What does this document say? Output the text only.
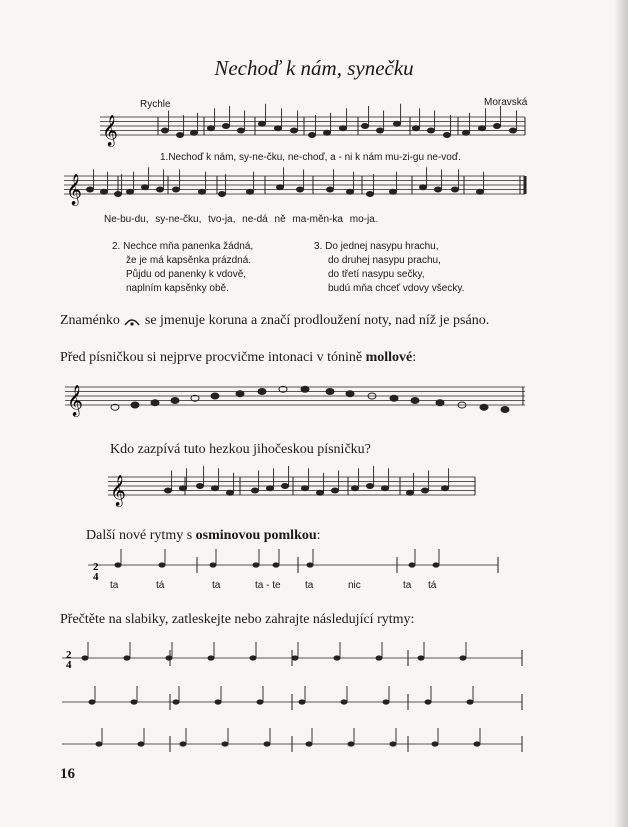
Nechoď k nám, synečku
Rychle	Moravská
1.Nechoď k nám, sy-ne-čku, ne-choď, a - ni k nám mu-zi-gu ne-voď.
Ne-bu-du, sy-ne-čku, tvo-ja, ne-dá ně ma-měn-ka mo-ja.
2. Nechce mňa panenka žádná,
že je má kapsěnka prázdná.
Půjdu od panenky k vdově,
naplním kapsěnky obě.
3. Do jednej nasypu hrachu,
do druhej nasypu prachu,
do třetí nasypu sečky,
budú mňa chceť vdovy všecky.
Znaménko se jmenuje koruna a značí prodloužení noty, nad níž je psáno.
Před písničkou si nejprve procvičme intonaci v tónině mollové:
Kdo zazpívá tuto hezkou jihočeskou písničku?
Další nové rytmy s osminovou pomlkou:
ta	tá	ta	ta - te ta	nic	ta tá
Přečtěte na slabiky, zatleskejte nebo zahrajte následující rytmy:
16
𝄞
𝄞
𝄞
𝄞
2
4
2
4
